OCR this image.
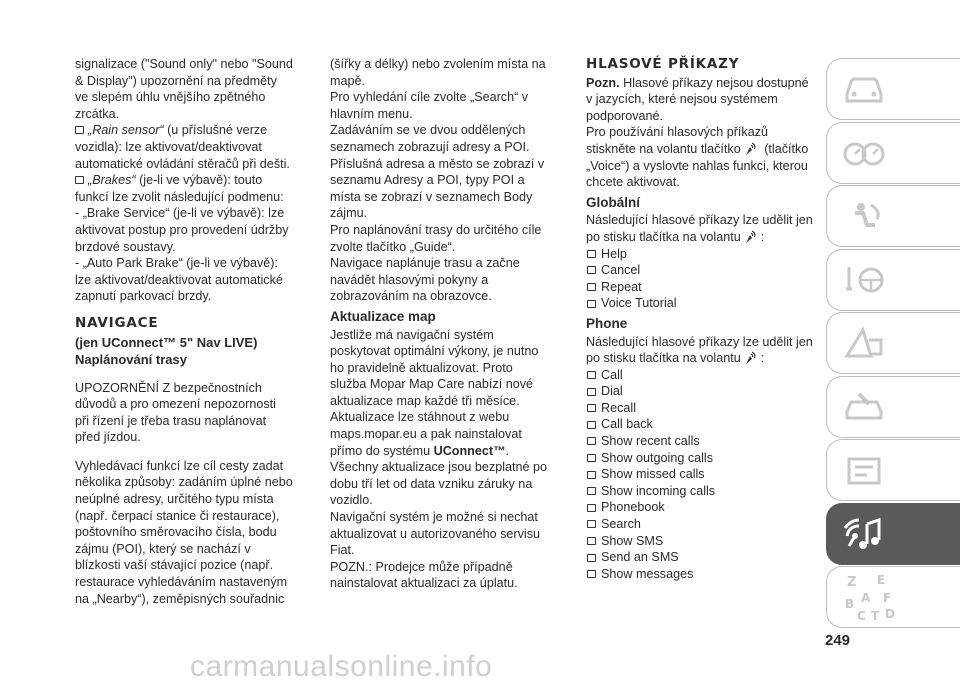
signalizace ("Sound only" nebo "Sound & Display") upozornění na předměty ve slepém úhlu vnějšího zpětného zrcátka.

„Rain sensor“ (u příslušné verze vozidla): lze aktivovat/deaktivovat automatické ovládání stěračů při dešti.

„Brakes“ (je-li ve výbavě): touto funkcí lze zvolit následující podmenu:

- „Brake Service“ (je-li ve výbavě): lze aktivovat postup pro provedení údržby brzdové soustavy.

- „Auto Park Brake“ (je-li ve výbavě): lze aktivovat/deaktivovat automatické zapnutí parkovací brzdy.

NAVIGACE

(jen UConnect™ 5" Nav LIVE)

Naplánování trasy

UPOZORNĚNÍ Z bezpečnostních důvodů a pro omezení nepozornosti při řízení je třeba trasu naplánovat před jízdou.

Vyhledávací funkcí lze cíl cesty zadat několika způsoby: zadáním úplné nebo neúplné adresy, určitého typu místa (např. čerpací stanice či restaurace), poštovního směrovacího čísla, bodu zájmu (POI), který se nachází v blízkosti vaší stávající pozice (např. restaurace vyhledáváním nastaveným na „Nearby“), zeměpisných souřadnic

(šířky a délky) nebo zvolením místa na mapě.

Pro vyhledání cíle zvolte „Search“ v hlavním menu.

Zadáváním se ve dvou oddělených seznamech zobrazují adresy a POI.

Příslušná adresa a město se zobrazí v seznamu Adresy a POI, typy POI a místa se zobrazí v seznamech Body zájmu.

Pro naplánování trasy do určitého cíle zvolte tlačítko „Guide“.

Navigace naplánuje trasu a začne navádět hlasovými pokyny a zobrazováním na obrazovce.

Aktualizace map

Jestliže má navigační systém poskytovat optimální výkony, je nutno ho pravidelně aktualizovat. Proto služba Mopar Map Care nabízí nové aktualizace map každé tři měsíce.

Aktualizace lze stáhnout z webu maps.mopar.eu a pak nainstalovat přímo do systému UConnect™.

Všechny aktualizace jsou bezplatné po dobu tří let od data vzniku záruky na vozidlo.

Navigační systém je možné si nechat aktualizovat u autorizovaného servisu Fiat.

POZN.: Prodejce může případně nainstalovat aktualizaci za úplatu.

HLASOVÉ PŘÍKAZY

Pozn. Hlasové příkazy nejsou dostupné v jazycích, které nejsou systémem podporované.

Pro používání hlasových příkazů stiskněte na volantu tlačítko (tlačítko „Voice“) a vyslovte nahlas funkci, kterou chcete aktivovat.

Globální

Následující hlasové příkazy lze udělit jen po stisku tlačítka na volantu :

Help
Cancel
Repeat
Voice Tutorial
Phone

Následující hlasové příkazy lze udělit jen po stisku tlačítka na volantu :

Call
Dial
Recall
Call back
Show recent calls
Show outgoing calls
Show missed calls
Show incoming calls
Phonebook
Search
Show SMS
Send an SMS
Show messages
Z E
A
B F
C T D
249
carmanualsonline.info
